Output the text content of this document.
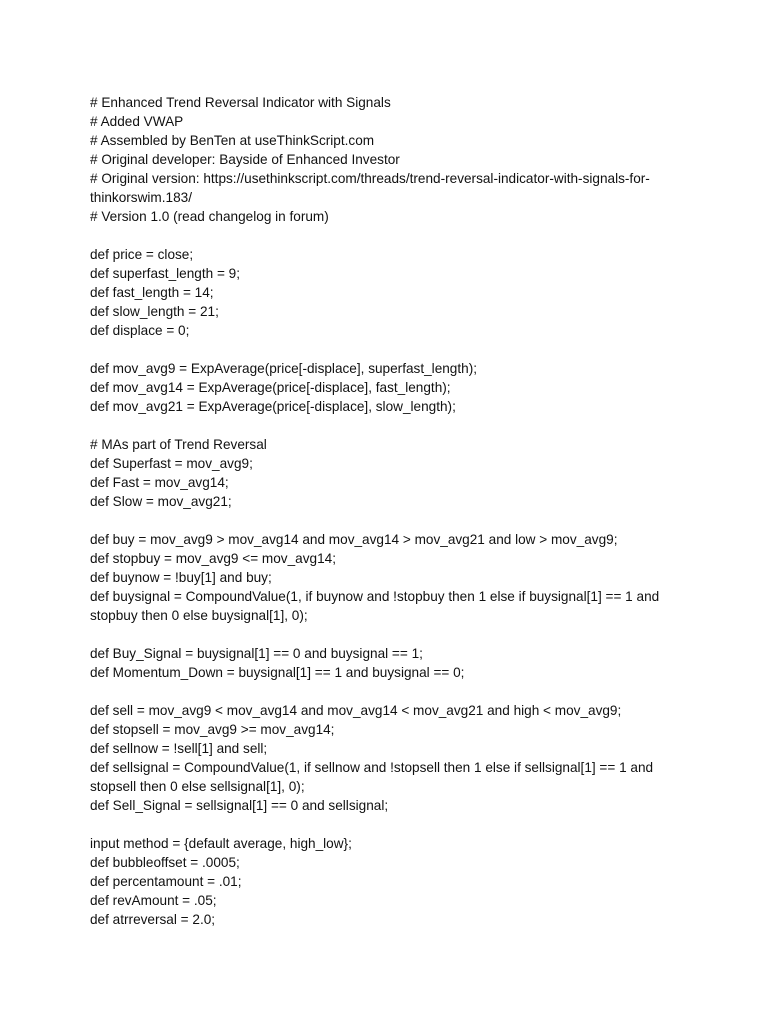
# Enhanced Trend Reversal Indicator with Signals
# Added VWAP
# Assembled by BenTen at useThinkScript.com
# Original developer: Bayside of Enhanced Investor
# Original version: https://usethinkscript.com/threads/trend-reversal-indicator-with-signals-for-
thinkorswim.183/
# Version 1.0 (read changelog in forum)
def price = close;
def superfast_length = 9;
def fast_length = 14;
def slow_length = 21;
def displace = 0;
def mov_avg9 = ExpAverage(price[-displace], superfast_length);
def mov_avg14 = ExpAverage(price[-displace], fast_length);
def mov_avg21 = ExpAverage(price[-displace], slow_length);
# MAs part of Trend Reversal
def Superfast = mov_avg9;
def Fast = mov_avg14;
def Slow = mov_avg21;
def buy = mov_avg9 > mov_avg14 and mov_avg14 > mov_avg21 and low > mov_avg9;
def stopbuy = mov_avg9 <= mov_avg14;
def buynow = !buy[1] and buy;
def buysignal = CompoundValue(1, if buynow and !stopbuy then 1 else if buysignal[1] == 1 and
stopbuy then 0 else buysignal[1], 0);
def Buy_Signal = buysignal[1] == 0 and buysignal == 1;
def Momentum_Down = buysignal[1] == 1 and buysignal == 0;
def sell = mov_avg9 < mov_avg14 and mov_avg14 < mov_avg21 and high < mov_avg9;
def stopsell = mov_avg9 >= mov_avg14;
def sellnow = !sell[1] and sell;
def sellsignal = CompoundValue(1, if sellnow and !stopsell then 1 else if sellsignal[1] == 1 and
stopsell then 0 else sellsignal[1], 0);
def Sell_Signal = sellsignal[1] == 0 and sellsignal;
input method = {default average, high_low};
def bubbleoffset = .0005;
def percentamount = .01;
def revAmount = .05;
def atrreversal = 2.0;
